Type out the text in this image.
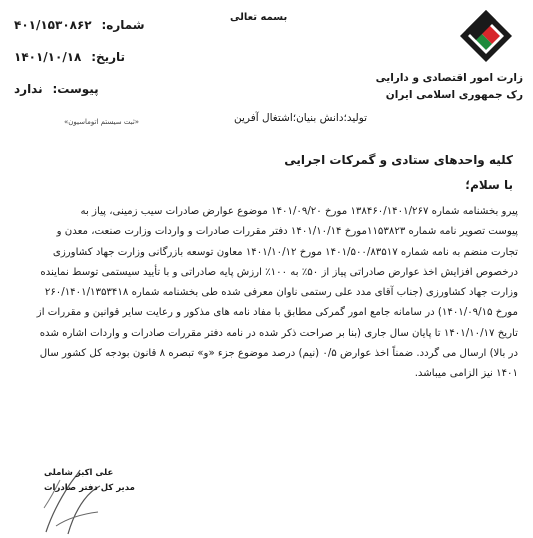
بسمه تعالی
شماره: ۴۰۱/۱۵۳۰۸۶۲
تاریخ: ۱۴۰۱/۱۰/۱۸
پیوست: ندارد
زارت امور اقتصادی و دارایی
رک جمهوری اسلامی ایران
تولید؛دانش بنیان؛اشتغال آفرین
«ثبت سیستم اتوماسیون»
کلیه واحدهای ستادی و گمرکات اجرایی
با سلام؛
پیرو بخشنامه شماره ۱۳۸۴۶۰/۱۴۰۱/۲۶۷ مورخ ۱۴۰۱/۰۹/۲۰ موضوع عوارض صادرات سیب زمینی، پیاز به
پیوست تصویر نامه شماره ۱۱۵۳۸۲۳مورخ ۱۴۰۱/۱۰/۱۴ دفتر مقررات صادرات و واردات وزارت صنعت، معدن و
تجارت منضم به نامه شماره ۱۴۰۱/۵۰۰/۸۳۵۱۷ مورخ ۱۴۰۱/۱۰/۱۲ معاون توسعه بازرگانی وزارت جهاد کشاورزی
درخصوص افزایش اخذ عوارض صادراتی پیاز از ۵۰٪ به ۱۰۰٪ ارزش پایه صادراتی و با تأیید سیستمی توسط نماینده
وزارت جهاد کشاورزی (جناب آقای مدد علی رستمی ناوان معرفی شده طی بخشنامه شماره ۲۶۰/۱۴۰۱/۱۳۵۳۴۱۸
مورخ ۱۴۰۱/۰۹/۱۵) در سامانه جامع امور گمرکی مطابق با مفاد نامه های مذکور و رعایت سایر قوانین و مقررات از
تاریخ ۱۴۰۱/۱۰/۱۷ تا پایان سال جاری (بنا بر صراحت ذکر شده در نامه دفتر مقررات صادرات و واردات اشاره شده
در بالا) ارسال می گردد. ضمناً اخذ عوارض ۰/۵ (نیم) درصد موضوع جزء «و» تبصره ۸ قانون بودجه کل کشور سال
۱۴۰۱ نیز الزامی میباشد.
علی اکبر شاملی
مدیر کل دفتر صادرات
